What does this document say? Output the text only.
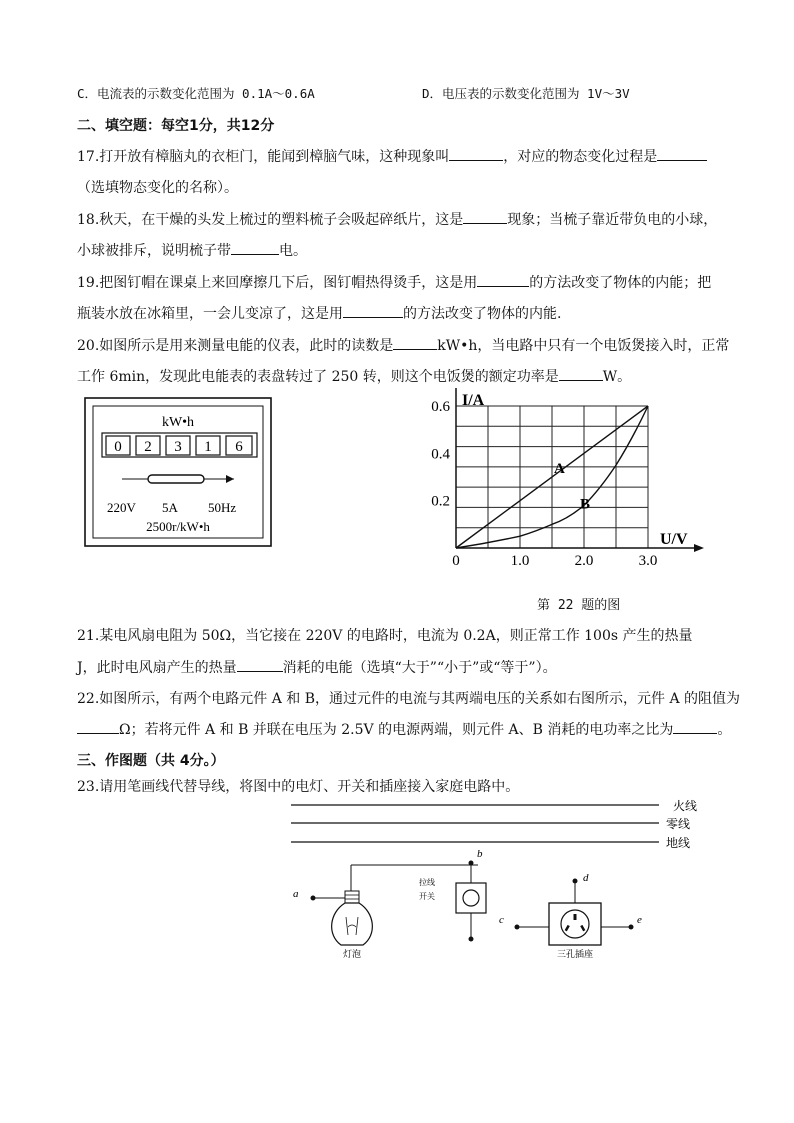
C．电流表的示数变化范围为 0.1A～0.6A	D．电压表的示数变化范围为 1V～3V
二、填空题：每空1分，共12分
17.打开放有樟脑丸的衣柜门，能闻到樟脑气味，这种现象叫	，对应的物态变化过程是
（选填物态变化的名称）。
18.秋天，在干燥的头发上梳过的塑料梳子会吸起碎纸片，这是	现象；当梳子靠近带负电的小球，
小球被排斥，说明梳子带	电。
19.把图钉帽在课桌上来回摩擦几下后，图钉帽热得烫手，这是用	的方法改变了物体的内能；把
瓶装水放在冰箱里，一会儿变凉了，这是用	的方法改变了物体的内能.
20.如图所示是用来测量电能的仪表，此时的读数是	kW•h，当电路中只有一个电饭煲接入时，正常
工作 6min，发现此电能表的表盘转过了 250 转，则这个电饭煲的额定功率是	W。
kW•h
0 2 3 1 6
220V 5A 50Hz
2500r/kW•h
I/A
U/V
0	1.0	2.0	3.0
0.2
0.4
0.6
A
B
第 22 题的图
21.某电风扇电阻为 50Ω，当它接在 220V 的电路时，电流为 0.2A，则正常工作 100s 产生的热量
J，此时电风扇产生的热量	消耗的电能（选填“大于”“小于”或“等于”）。
22.如图所示，有两个电路元件 A 和 B，通过元件的电流与其两端电压的关系如右图所示，元件 A 的阻值为
Ω；若将元件 A 和 B 并联在电压为 2.5V 的电源两端，则元件 A、B 消耗的电功率之比为	。
三、作图题（共 4分。）
23.请用笔画线代替导线，将图中的电灯、开关和插座接入家庭电路中。
火线
零线
地线
a
灯泡
b
拉线
开关
d
c	e
三孔插座
